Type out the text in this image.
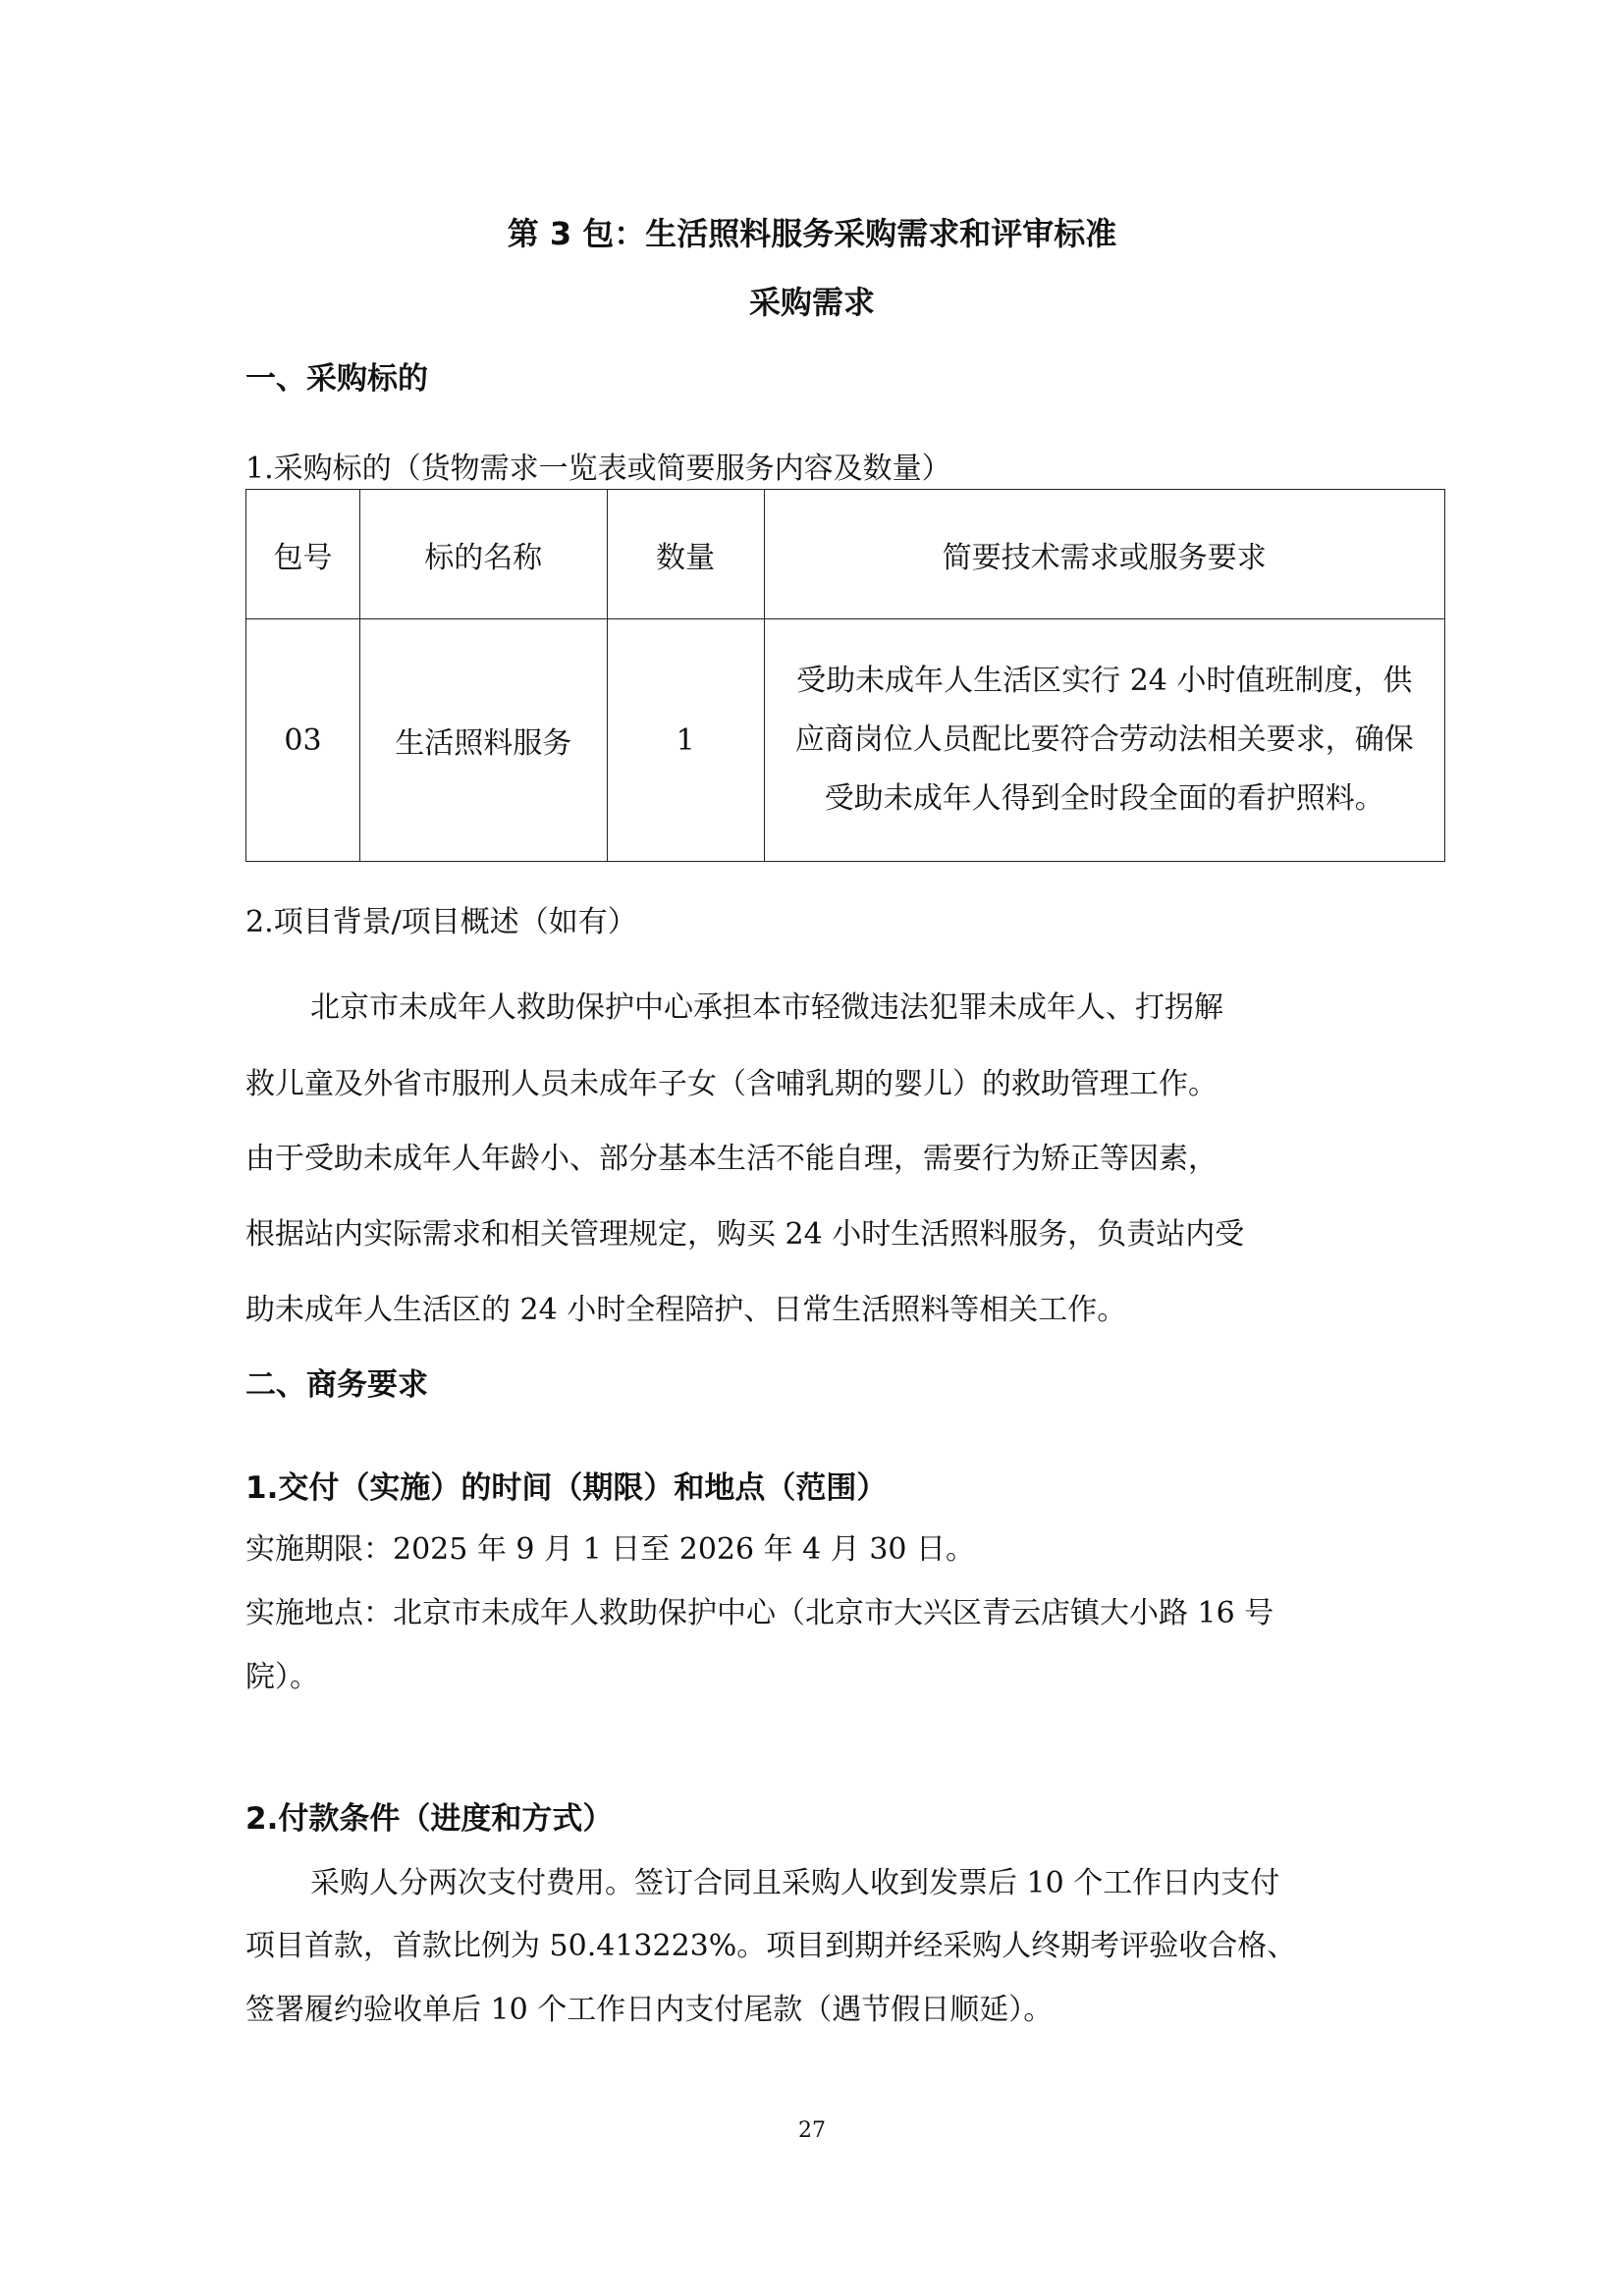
第 3 包：生活照料服务采购需求和评审标准
采购需求
一、采购标的
1.采购标的（货物需求一览表或简要服务内容及数量）
包号	标的名称	数量	简要技术需求或服务要求
03	生活照料服务	1	受助未成年人生活区实行 24 小时值班制度，供
应商岗位人员配比要符合劳动法相关要求，确保
受助未成年人得到全时段全面的看护照料。
2.项目背景/项目概述（如有）
北京市未成年人救助保护中心承担本市轻微违法犯罪未成年人、打拐解
救儿童及外省市服刑人员未成年子女（含哺乳期的婴儿）的救助管理工作。
由于受助未成年人年龄小、部分基本生活不能自理，需要行为矫正等因素，
根据站内实际需求和相关管理规定，购买 24 小时生活照料服务，负责站内受
助未成年人生活区的 24 小时全程陪护、日常生活照料等相关工作。
二、商务要求
1.交付（实施）的时间（期限）和地点（范围）
实施期限：2025 年 9 月 1 日至 2026 年 4 月 30 日。
实施地点：北京市未成年人救助保护中心（北京市大兴区青云店镇大小路 16 号
院）。
2.付款条件（进度和方式）
采购人分两次支付费用。签订合同且采购人收到发票后 10 个工作日内支付
项目首款，首款比例为 50.413223%。项目到期并经采购人终期考评验收合格、
签署履约验收单后 10 个工作日内支付尾款（遇节假日顺延）。
27
